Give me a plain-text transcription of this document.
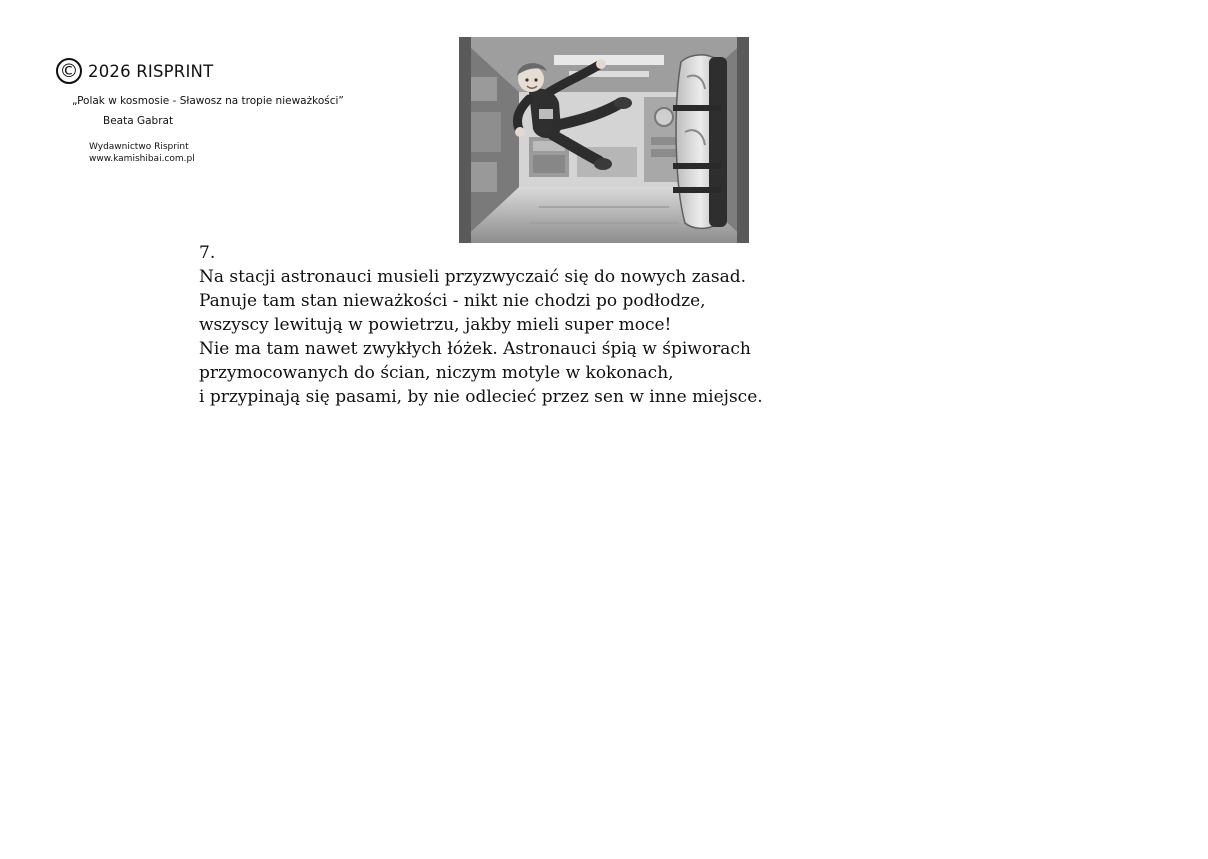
© 2026 RISPRINT
„Polak w kosmosie - Sławosz na tropie nieważkości”
Beata Gabrat
Wydawnictwo Risprint
www.kamishibai.com.pl
7.
Na stacji astronauci musieli przyzwyczaić się do nowych zasad.
Panuje tam stan nieważkości - nikt nie chodzi po podłodze,
wszyscy lewitują w powietrzu, jakby mieli super moce!
Nie ma tam nawet zwykłych łóżek. Astronauci śpią w śpiworach
przymocowanych do ścian, niczym motyle w kokonach,
i przypinają się pasami, by nie odlecieć przez sen w inne miejsce.
